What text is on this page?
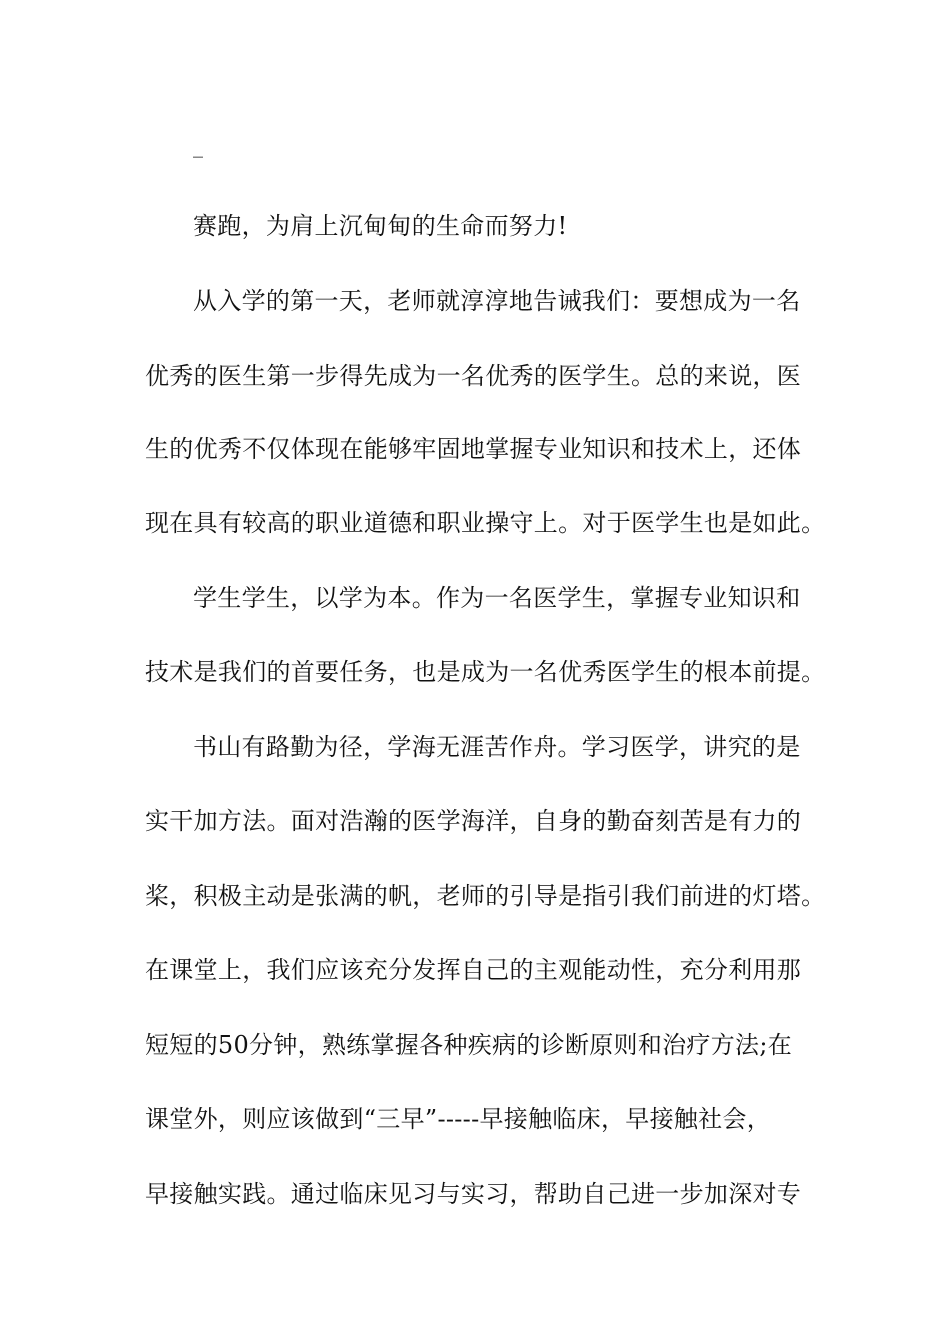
_

赛跑，为肩上沉甸甸的生命而努力!

从入学的第一天，老师就淳淳地告诫我们：要想成为一名

优秀的医生第一步得先成为一名优秀的医学生。总的来说，医

生的优秀不仅体现在能够牢固地掌握专业知识和技术上，还体

现在具有较高的职业道德和职业操守上。对于医学生也是如此。

学生学生，以学为本。作为一名医学生，掌握专业知识和

技术是我们的首要任务，也是成为一名优秀医学生的根本前提。

书山有路勤为径，学海无涯苦作舟。学习医学，讲究的是

实干加方法。面对浩瀚的医学海洋，自身的勤奋刻苦是有力的

桨，积极主动是张满的帆，老师的引导是指引我们前进的灯塔。

在课堂上，我们应该充分发挥自己的主观能动性，充分利用那

短短的50分钟，熟练掌握各种疾病的诊断原则和治疗方法;在

课堂外，则应该做到“三早”-----早接触临床，早接触社会，

早接触实践。通过临床见习与实习，帮助自己进一步加深对专
